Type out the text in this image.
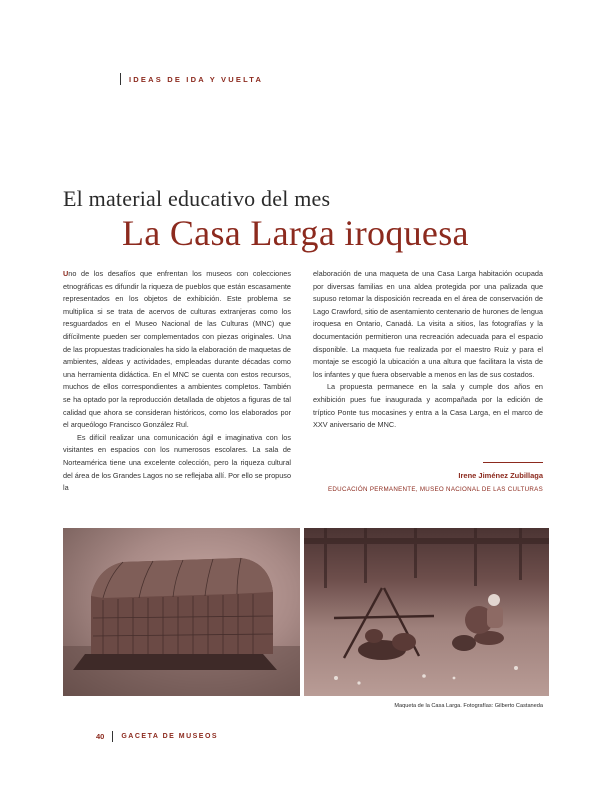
IDEAS DE IDA Y VUELTA
El material educativo del mes
La Casa Larga iroquesa

Uno de los desafíos que enfrentan los museos con colecciones etnográficas es difundir la riqueza de pueblos que están escasamente representados en los objetos de exhibición. Este problema se multiplica si se trata de acervos de culturas extranjeras como los resguardados en el Museo Nacional de las Culturas (MNC) que difícilmente pueden ser complementados con piezas originales. Una de las propuestas tradicionales ha sido la elaboración de maquetas de ambientes, aldeas y actividades, empleadas durante décadas como una herramienta didáctica. En el MNC se cuenta con estos recursos, muchos de ellos correspondientes a ambientes completos. También se ha optado por la reproducción detallada de objetos a figuras de tal calidad que ahora se consideran históricos, como los elaborados por el arqueólogo Francisco González Rul.

Es difícil realizar una comunicación ágil e imaginativa con los visitantes en espacios con los numerosos escolares. La sala de Norteamérica tiene una excelente colección, pero la riqueza cultural del área de los Grandes Lagos no se reflejaba allí. Por ello se propuso la

elaboración de una maqueta de una Casa Larga habitación ocupada por diversas familias en una aldea protegida por una palizada que supuso retomar la disposición recreada en el área de conservación de Lago Crawford, sitio de asentamiento centenario de hurones de lengua iroquesa en Ontario, Canadá. La visita a sitios, las fotografías y la documentación permitieron una recreación adecuada para el espacio disponible. La maqueta fue realizada por el maestro Ruiz y para el montaje se escogió la ubicación a una altura que facilitara la vista de los infantes y que fuera observable a menos en las de sus costados.

La propuesta permanece en la sala y cumple dos años en exhibición pues fue inaugurada y acompañada por la edición de tríptico Ponte tus mocasines y entra a la Casa Larga, en el marco de XXV aniversario de MNC.

Irene Jiménez Zubillaga
EDUCACIÓN PERMANENTE, MUSEO NACIONAL DE LAS CULTURAS
Maqueta de la Casa Larga. Fotografías: Gilberto Castaneda
40 GACETA DE MUSEOS
